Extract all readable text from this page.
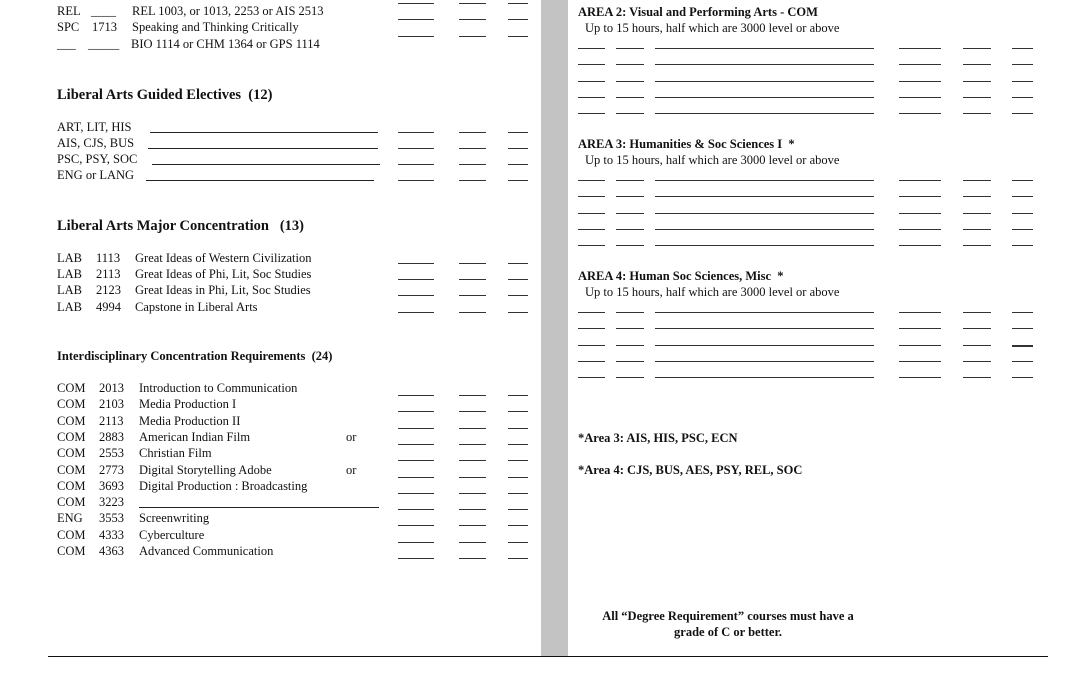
REL ____ REL 1003, or 1013, 2253 or AIS 2513
SPC 1713 Speaking and Thinking Critically
___ _____ BIO 1114 or CHM 1364 or GPS 1114
Liberal Arts Guided Electives  (12)
ART, LIT, HIS
AIS, CJS, BUS
PSC, PSY, SOC
ENG or LANG
Liberal Arts Major Concentration   (13)
LAB 1113 Great Ideas of Western Civilization
LAB 2113 Great Ideas of Phi, Lit, Soc Studies
LAB 2123 Great Ideas in Phi, Lit, Soc Studies
LAB 4994 Capstone in Liberal Arts
Interdisciplinary Concentration Requirements  (24)
COM 2013 Introduction to Communication
COM 2103 Media Production I
COM 2113 Media Production II
COM 2883 American Indian Film	or
COM 2553 Christian Film
COM 2773 Digital Storytelling Adobe	or
COM 3693 Digital Production : Broadcasting
COM 3223
ENG 3553 Screenwriting
COM 4333 Cyberculture
COM 4363 Advanced Communication
AREA 2: Visual and Performing Arts - COM
Up to 15 hours, half which are 3000 level or above
AREA 3: Humanities & Soc Sciences I  *
Up to 15 hours, half which are 3000 level or above
AREA 4: Human Soc Sciences, Misc  *
Up to 15 hours, half which are 3000 level or above
*Area 3: AIS, HIS, PSC, ECN
*Area 4: CJS, BUS, AES, PSY, REL, SOC
All “Degree Requirement” courses must have a
grade of C or better.
